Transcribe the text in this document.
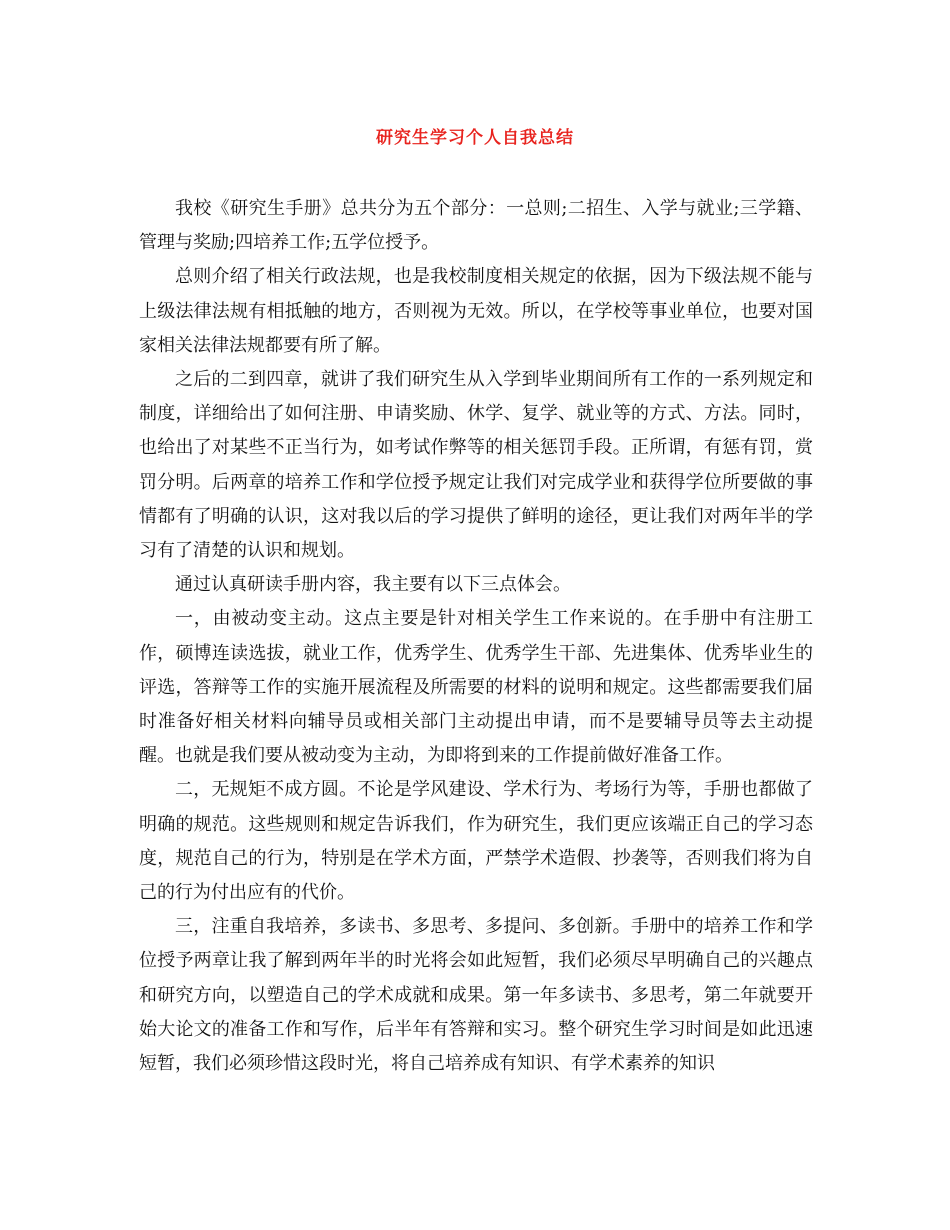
研究生学习个人自我总结

我校《研究生手册》总共分为五个部分：一总则;二招生、入学与就业;三学籍、管理与奖励;四培养工作;五学位授予。

总则介绍了相关行政法规，也是我校制度相关规定的依据，因为下级法规不能与上级法律法规有相抵触的地方，否则视为无效。所以，在学校等事业单位，也要对国家相关法律法规都要有所了解。

之后的二到四章，就讲了我们研究生从入学到毕业期间所有工作的一系列规定和制度，详细给出了如何注册、申请奖励、休学、复学、就业等的方式、方法。同时，也给出了对某些不正当行为，如考试作弊等的相关惩罚手段。正所谓，有惩有罚，赏罚分明。后两章的培养工作和学位授予规定让我们对完成学业和获得学位所要做的事情都有了明确的认识，这对我以后的学习提供了鲜明的途径，更让我们对两年半的学习有了清楚的认识和规划。

通过认真研读手册内容，我主要有以下三点体会。

一，由被动变主动。这点主要是针对相关学生工作来说的。在手册中有注册工作，硕博连读选拔，就业工作，优秀学生、优秀学生干部、先进集体、优秀毕业生的评选，答辩等工作的实施开展流程及所需要的材料的说明和规定。这些都需要我们届时准备好相关材料向辅导员或相关部门主动提出申请，而不是要辅导员等去主动提醒。也就是我们要从被动变为主动，为即将到来的工作提前做好准备工作。

二，无规矩不成方圆。不论是学风建设、学术行为、考场行为等，手册也都做了明确的规范。这些规则和规定告诉我们，作为研究生，我们更应该端正自己的学习态度，规范自己的行为，特别是在学术方面，严禁学术造假、抄袭等，否则我们将为自己的行为付出应有的代价。

三，注重自我培养，多读书、多思考、多提问、多创新。手册中的培养工作和学位授予两章让我了解到两年半的时光将会如此短暂，我们必须尽早明确自己的兴趣点和研究方向，以塑造自己的学术成就和成果。第一年多读书、多思考，第二年就要开始大论文的准备工作和写作，后半年有答辩和实习。整个研究生学习时间是如此迅速短暂，我们必须珍惜这段时光，将自己培养成有知识、有学术素养的知识
